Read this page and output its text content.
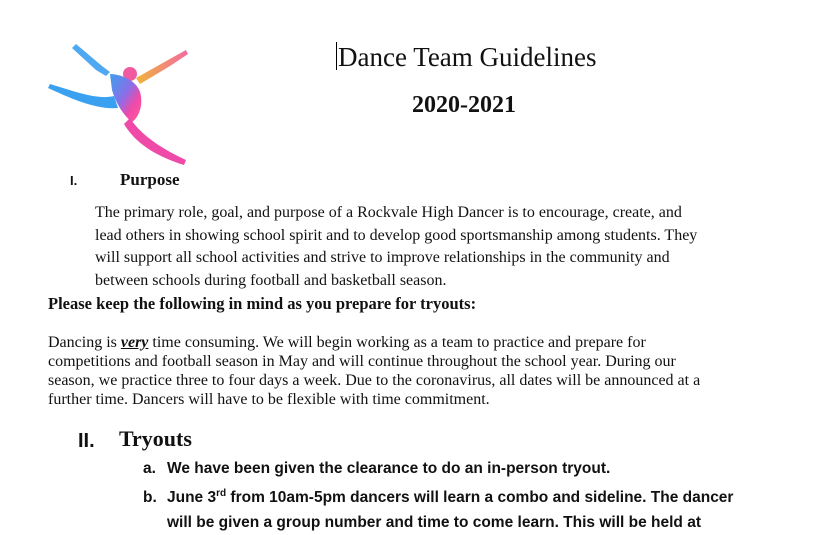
Dance Team Guidelines
2020-2021
I.	Purpose
The primary role, goal, and purpose of a Rockvale High Dancer is to encourage, create, and
lead others in showing school spirit and to develop good sportsmanship among students. They
will support all school activities and strive to improve relationships in the community and
between schools during football and basketball season.
Please keep the following in mind as you prepare for tryouts:
Dancing is very time consuming. We will begin working as a team to practice and prepare for
competitions and football season in May and will continue throughout the school year. During our
season, we practice three to four days a week. Due to the coronavirus, all dates will be announced at a
further time. Dancers will have to be flexible with time commitment.
II. Tryouts
a. We have been given the clearance to do an in-person tryout.
b. June 3rd from 10am-5pm dancers will learn a combo and sideline. The dancer
will be given a group number and time to come learn. This will be held at
